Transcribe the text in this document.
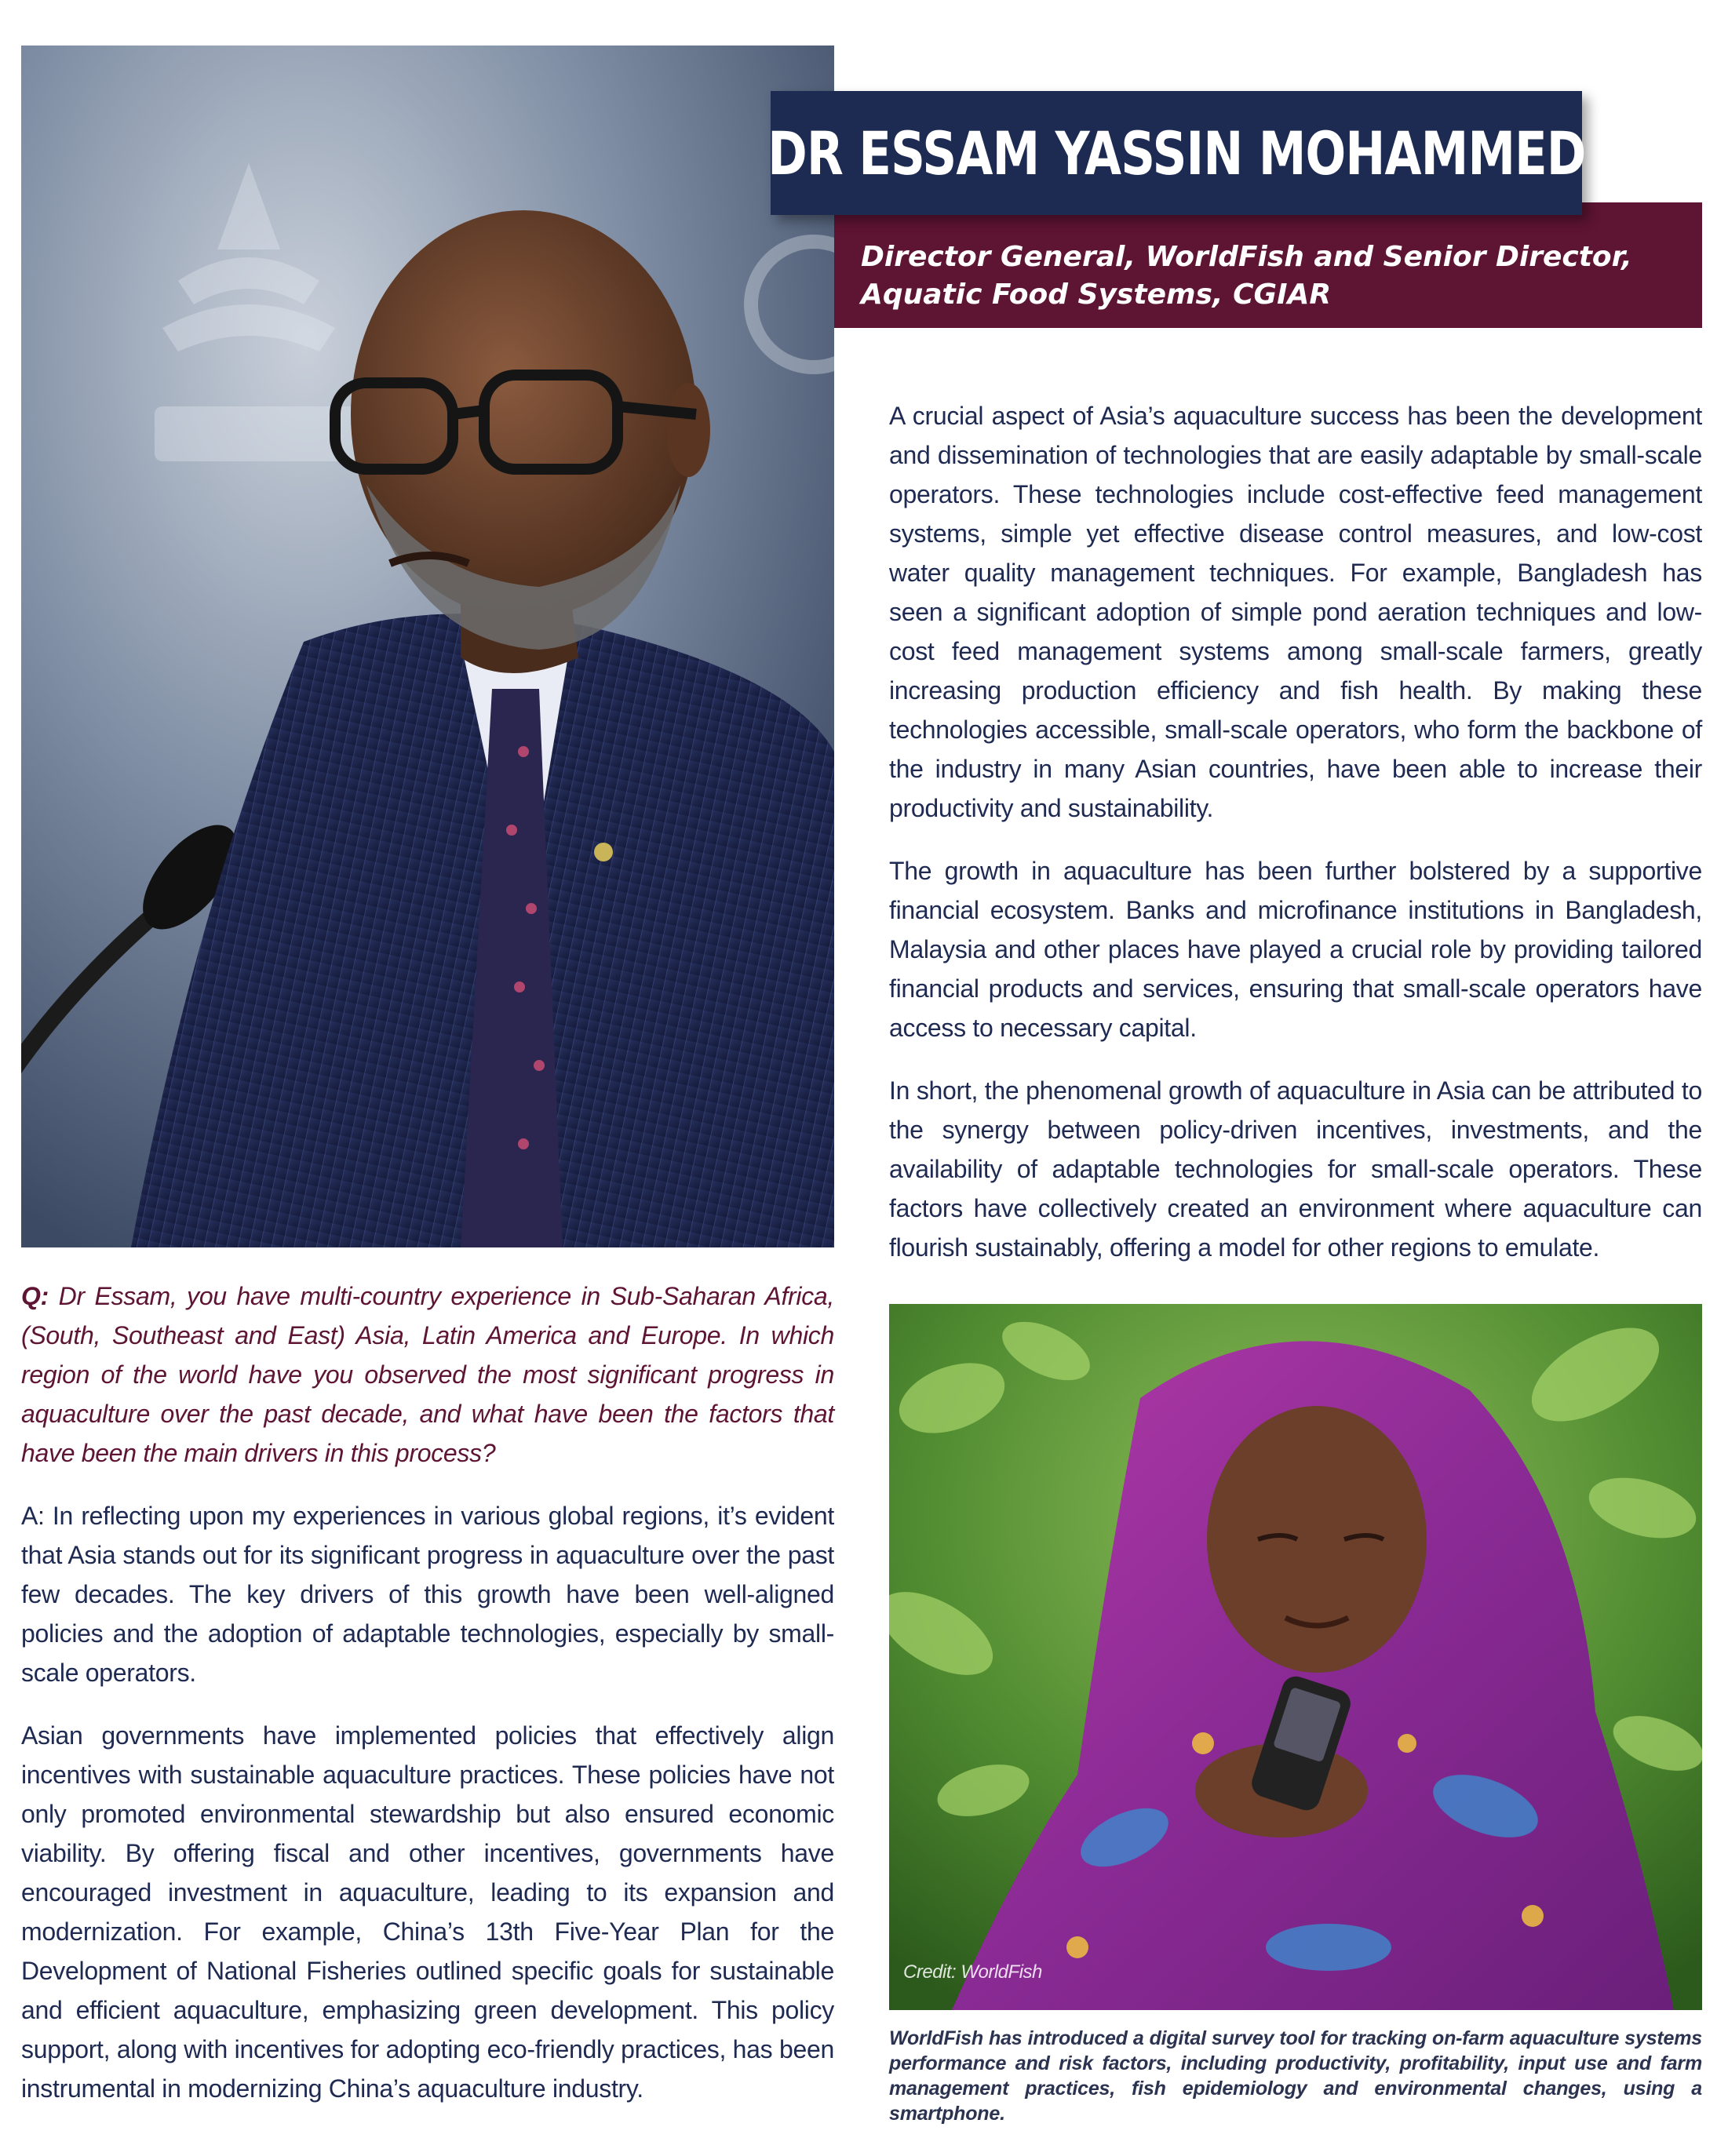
DR ESSAM YASSIN MOHAMMED
Director General, WorldFish and Senior Director,
Aquatic Food Systems, CGIAR

A crucial aspect of Asia’s aquaculture success has been the development and dissemination of technologies that are easily adaptable by small-scale operators. These technologies include cost-effective feed management systems, simple yet effective disease control measures, and low-cost water quality management techniques. For example, Bangladesh has seen a significant adoption of simple pond aeration techniques and low-cost feed management systems among small-scale farmers, greatly increasing production efficiency and fish health. By making these technologies accessible, small-scale operators, who form the backbone of the industry in many Asian countries, have been able to increase their productivity and sustainability.

The growth in aquaculture has been further bolstered by a supportive financial ecosystem. Banks and microfinance institutions in Bangladesh, Malaysia and other places have played a crucial role by providing tailored financial products and services, ensuring that small-scale operators have access to necessary capital.

In short, the phenomenal growth of aquaculture in Asia can be attributed to the synergy between policy-driven incentives, investments, and the availability of adaptable technologies for small-scale operators. These factors have collectively created an environment where aquaculture can flourish sustainably, offering a model for other regions to emulate.

Credit: WorldFish
WorldFish has introduced a digital survey tool for tracking on-farm aquaculture systems performance and risk factors, including productivity, profitability, input use and farm management practices, fish epidemiology and environmental changes, using a smartphone.

Q: Dr Essam, you have multi-country experience in Sub-Saharan Africa, (South, Southeast and East) Asia, Latin America and Europe. In which region of the world have you observed the most significant progress in aquaculture over the past decade, and what have been the factors that have been the main drivers in this process?

A: In reflecting upon my experiences in various global regions, it’s evident that Asia stands out for its significant progress in aquaculture over the past few decades. The key drivers of this growth have been well-aligned policies and the adoption of adaptable technologies, especially by small-scale operators.

Asian governments have implemented policies that effectively align incentives with sustainable aquaculture practices. These policies have not only promoted environmental stewardship but also ensured economic viability. By offering fiscal and other incentives, governments have encouraged investment in aquaculture, leading to its expansion and modernization. For example, China’s 13th Five-Year Plan for the Development of National Fisheries outlined specific goals for sustainable and efficient aquaculture, emphasizing green development. This policy support, along with incentives for adopting eco-friendly practices, has been instrumental in modernizing China’s aquaculture industry.
